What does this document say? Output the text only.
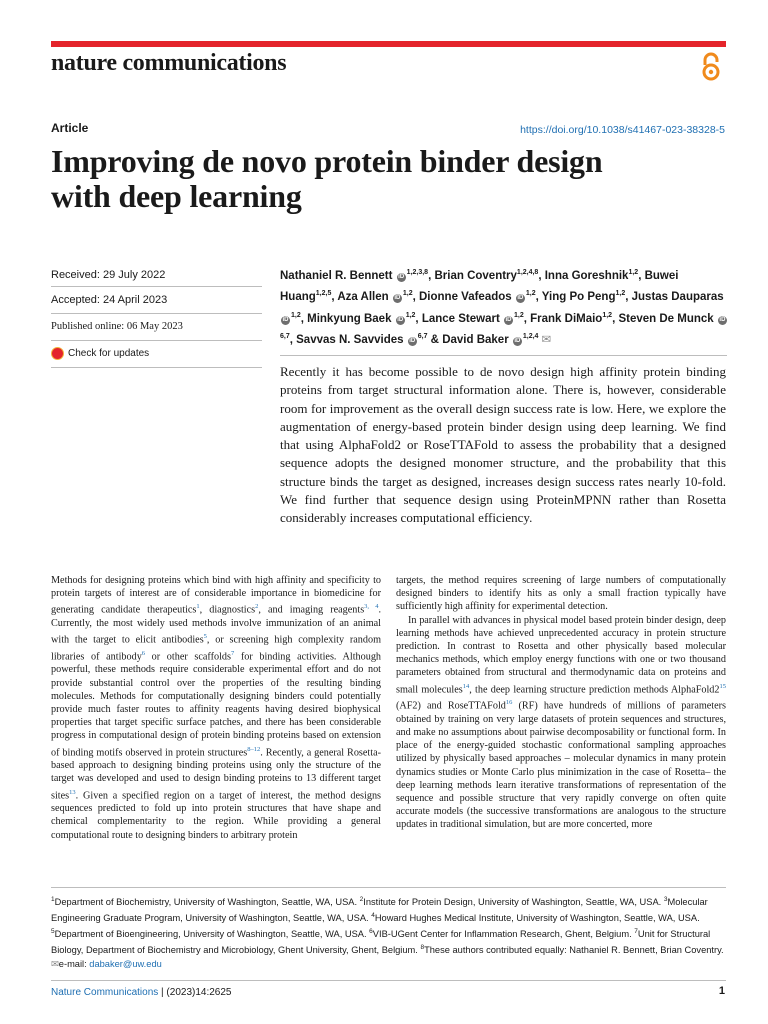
nature communications
Article	https://doi.org/10.1038/s41467-023-38328-5
Improving de novo protein binder design
with deep learning
Received: 29 July 2022
Accepted: 24 April 2023
Published online: 06 May 2023
Check for updates
Nathaniel R. Bennett iD$^{1,2,3,8}$, Brian Coventry$^{1,2,4,8}$, Inna Goreshnik$^{1,2}$, Buwei Huang$^{1,2,5}$, Aza Allen iD$^{1,2}$, Dionne Vafeados iD$^{1,2}$, Ying Po Peng$^{1,2}$, Justas Dauparas iD$^{1,2}$, Minkyung Baek iD$^{1,2}$, Lance Stewart iD$^{1,2}$, Frank DiMaio$^{1,2}$, Steven De Munck iD$^{6,7}$, Savvas N. Savvides iD$^{6,7}$ & David Baker iD$^{1,2,4}$ ✉
Recently it has become possible to de novo design high affinity protein binding proteins from target structural information alone. There is, however, considerable room for improvement as the overall design success rate is low. Here, we explore the augmentation of energy-based protein binder design using deep learning. We find that using AlphaFold2 or RoseTTAFold to assess the probability that a designed sequence adopts the designed monomer structure, and the probability that this structure binds the target as designed, increases design success rates nearly 10-fold. We find further that sequence design using ProteinMPNN rather than Rosetta considerably increases computational efficiency.

Methods for designing proteins which bind with high affinity and specificity to protein targets of interest are of considerable importance in biomedicine for generating candidate therapeutics$^1$, diagnostics$^2$, and imaging reagents$^{3, 4}$. Currently, the most widely used methods involve immunization of an animal with the target to elicit antibodies$^5$, or screening high complexity random libraries of antibody$^6$ or other scaffolds$^7$ for binding activities. Although powerful, these methods require considerable experimental effort and do not provide substantial control over the properties of the resulting binding molecules. Methods for computationally designing binders could potentially provide much faster routes to affinity reagents having desired biophysical properties that target specific surface patches, and there has been considerable progress in computational design of protein binding proteins based on extension of binding motifs observed in protein structures$^{8-12}$. Recently, a general Rosetta-based approach to designing binding proteins using only the structure of the target was developed and used to design binding proteins to 13 different target sites$^{13}$. Given a specified region on a target of interest, the method designs sequences predicted to fold up into protein structures that have shape and chemical complementarity to the region. While providing a general computational route to designing binders to arbitrary protein

targets, the method requires screening of large numbers of computationally designed binders to identify hits as only a small fraction typically have sufficiently high affinity for experimental detection.

In parallel with advances in physical model based protein binder design, deep learning methods have achieved unprecedented accuracy in protein structure prediction. In contrast to Rosetta and other physically based molecular mechanics methods, which employ energy functions with one or two thousand parameters obtained from structural and thermodynamic data on proteins and small molecules$^{14}$, the deep learning structure prediction methods AlphaFold2$^{15}$ (AF2) and RoseTTAFold$^{16}$ (RF) have hundreds of millions of parameters obtained by training on very large datasets of protein sequences and structures, and make no assumptions about pairwise decomposability or functional form. In place of the energy-guided stochastic conformational sampling approaches utilized by physically based approaches – molecular dynamics in many protein dynamics studies or Monte Carlo plus minimization in the case of Rosetta– the deep learning methods learn iterative transformations of representation of the sequence and possible structure that very rapidly converge on often quite accurate models (the successive transformations are analogous to the structure updates in traditional simulation, but are more concerted, more

$^1$Department of Biochemistry, University of Washington, Seattle, WA, USA. $^2$Institute for Protein Design, University of Washington, Seattle, WA, USA. $^3$Molecular Engineering Graduate Program, University of Washington, Seattle, WA, USA. $^4$Howard Hughes Medical Institute, University of Washington, Seattle, WA, USA. $^5$Department of Bioengineering, University of Washington, Seattle, WA, USA. $^6$VIB-UGent Center for Inflammation Research, Ghent, Belgium. $^7$Unit for Structural Biology, Department of Biochemistry and Microbiology, Ghent University, Ghent, Belgium. $^8$These authors contributed equally: Nathaniel R. Bennett, Brian Coventry. ✉e-mail: dabaker@uw.edu
Nature Communications | (2023)14:2625	1
